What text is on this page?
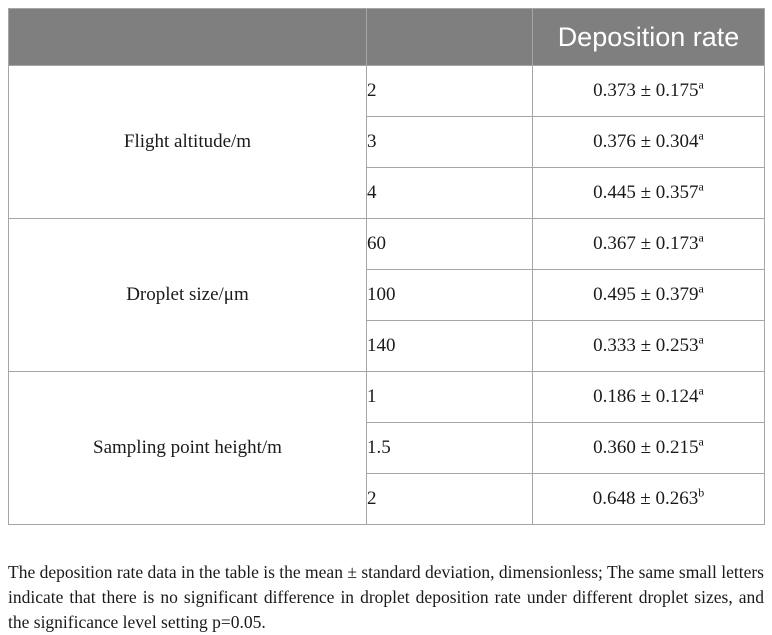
		Deposition rate
Flight altitude/m	2	0.373 ± 0.175$^a$
	3	0.376 ± 0.304$^a$
	4	0.445 ± 0.357$^a$
Droplet size/μm	60	0.367 ± 0.173$^a$
	100	0.495 ± 0.379$^a$
	140	0.333 ± 0.253$^a$
Sampling point height/m	1	0.186 ± 0.124$^a$
	1.5	0.360 ± 0.215$^a$
	2	0.648 ± 0.263$^b$

The deposition rate data in the table is the mean ± standard deviation, dimensionless; The same small letters indicate that there is no significant difference in droplet deposition rate under different droplet sizes, and the significance level setting p=0.05.
